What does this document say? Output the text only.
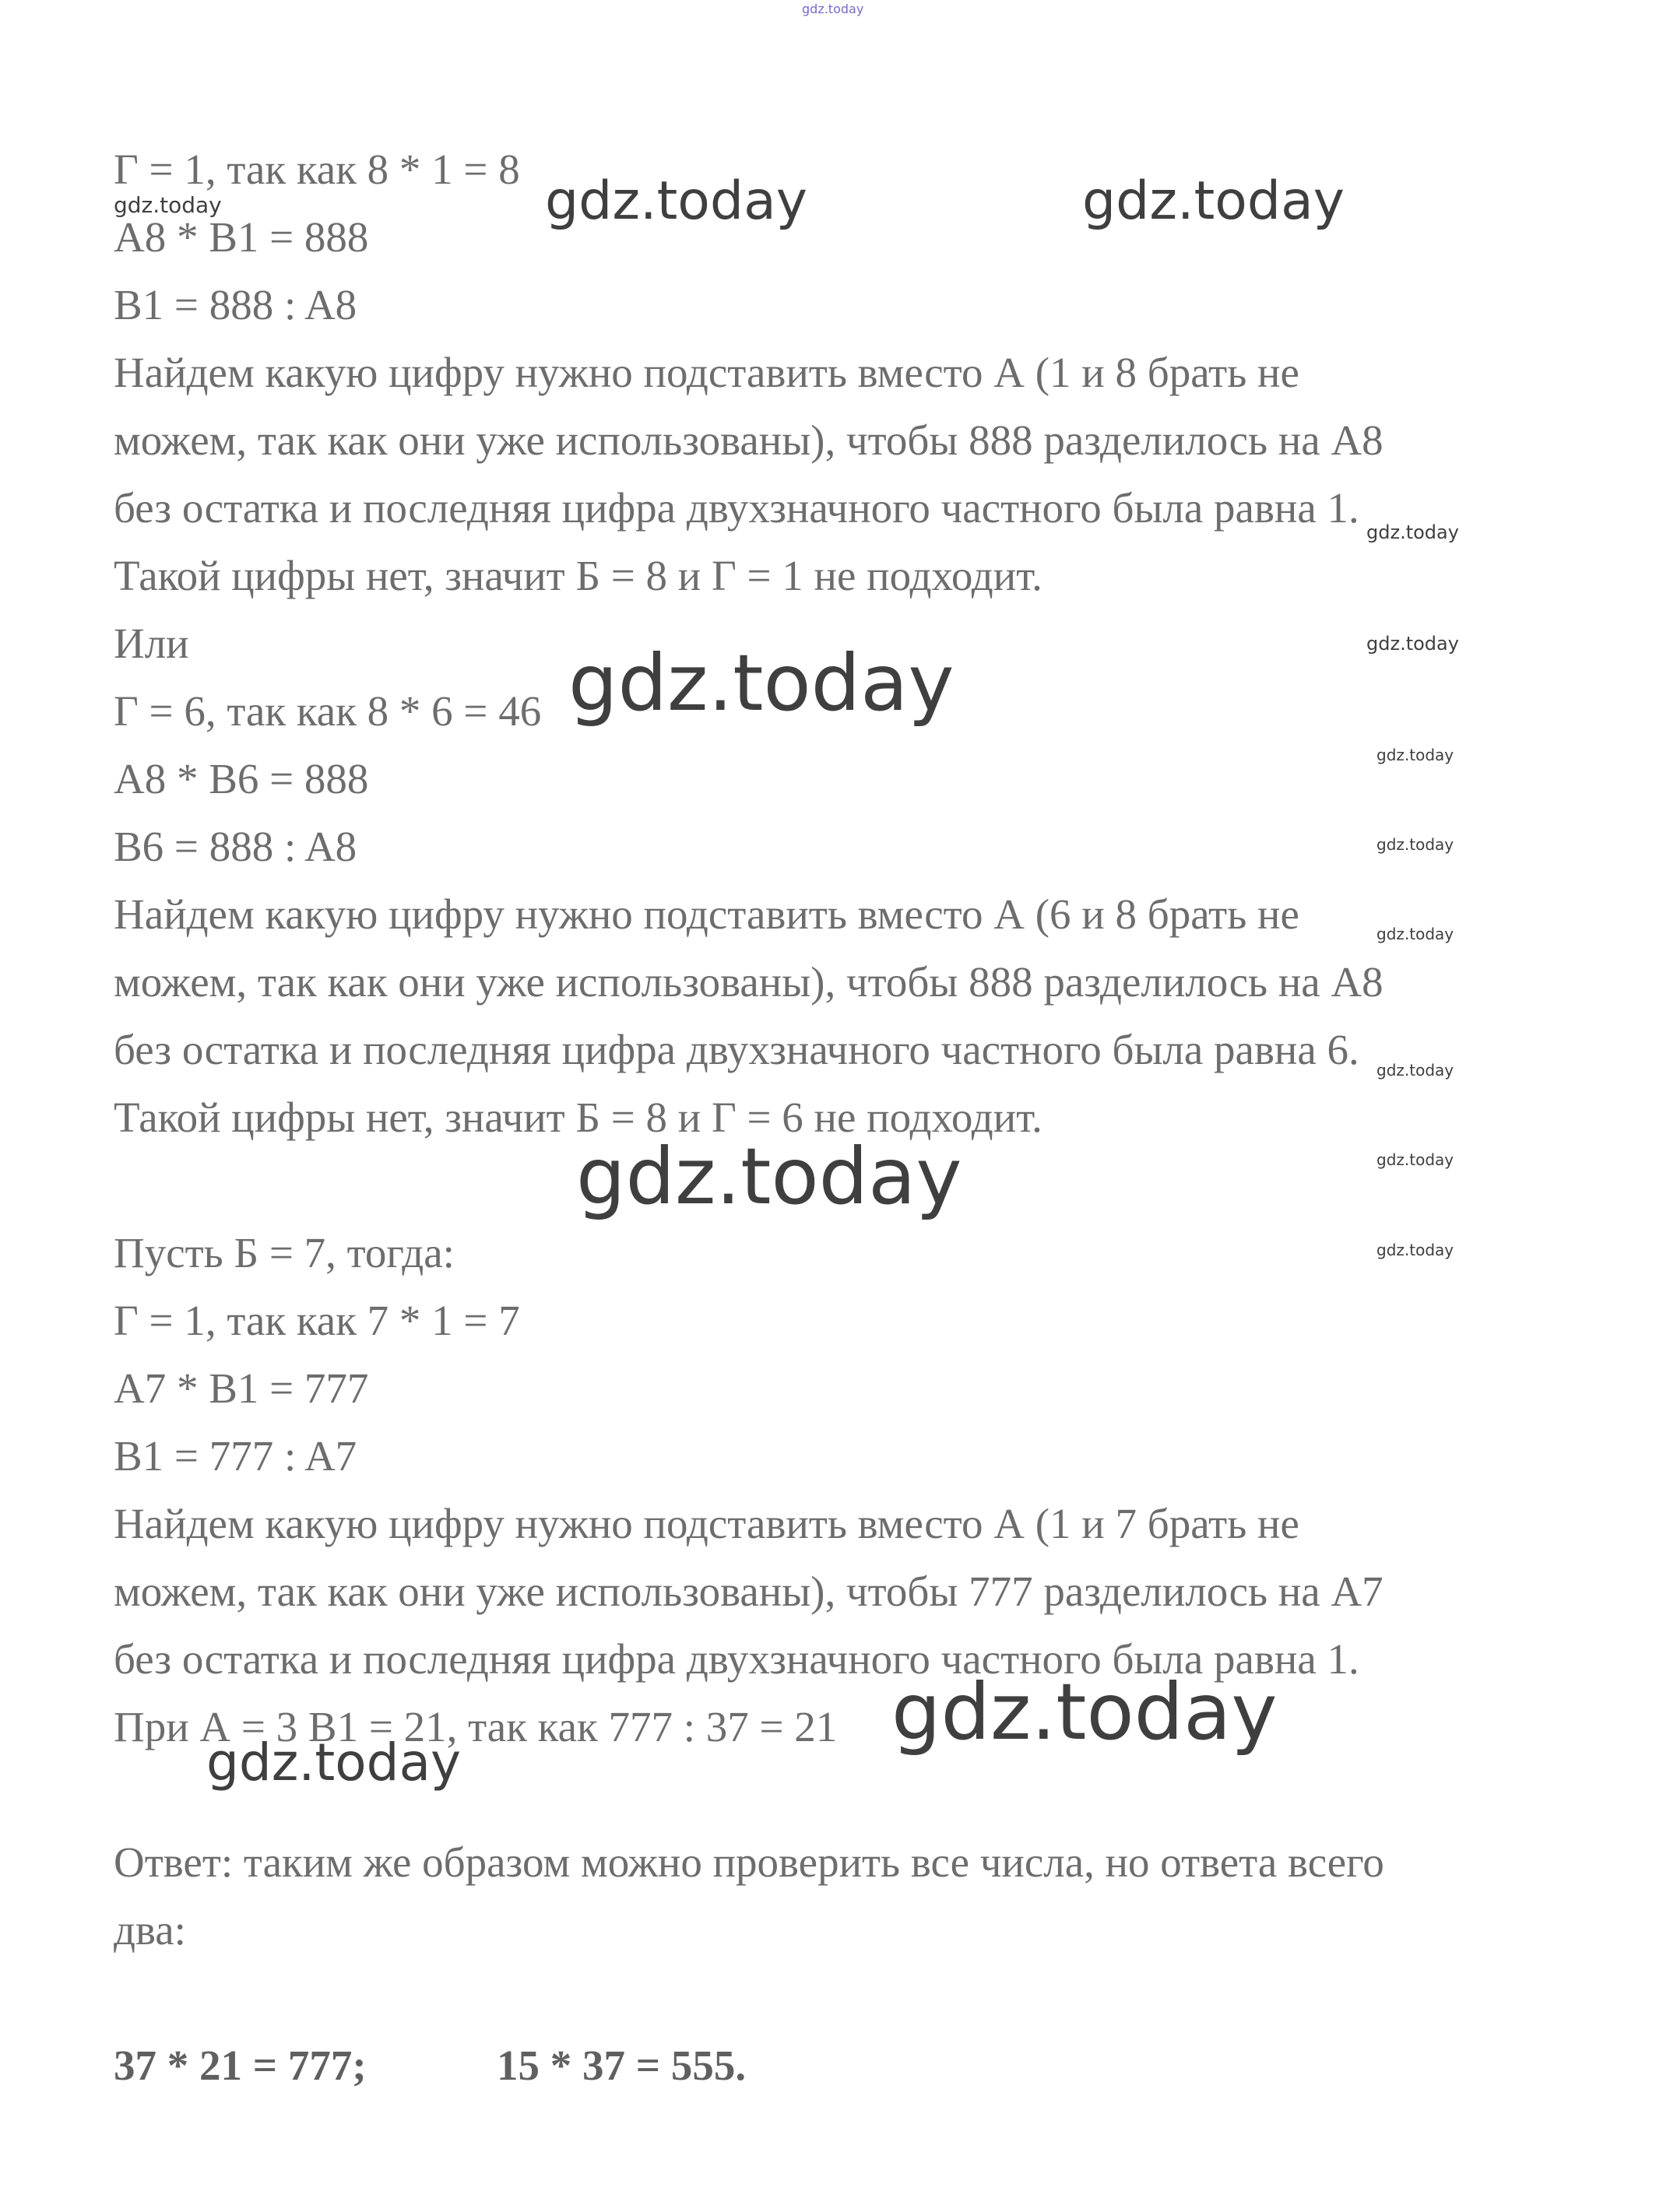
Г = 1, так как 8 * 1 = 8
A8 * B1 = 888
B1 = 888 : A8
Найдем какую цифру нужно подставить вместо А (1 и 8 брать не
можем, так как они уже использованы), чтобы 888 разделилось на А8
без остатка и последняя цифра двухзначного частного была равна 1.
Такой цифры нет, значит Б = 8 и Г = 1 не подходит.
Или
Г = 6, так как 8 * 6 = 46
A8 * B6 = 888
B6 = 888 : A8
Найдем какую цифру нужно подставить вместо А (6 и 8 брать не
можем, так как они уже использованы), чтобы 888 разделилось на А8
без остатка и последняя цифра двухзначного частного была равна 6.
Такой цифры нет, значит Б = 8 и Г = 6 не подходит.
Пусть Б = 7, тогда:
Г = 1, так как 7 * 1 = 7
A7 * B1 = 777
B1 = 777 : A7
Найдем какую цифру нужно подставить вместо А (1 и 7 брать не
можем, так как они уже использованы), чтобы 777 разделилось на А7
без остатка и последняя цифра двухзначного частного была равна 1.
При А = 3 В1 = 21, так как 777 : 37 = 21
Ответ: таким же образом можно проверить все числа, но ответа всего
два:
37 * 21 = 777;	15 * 37 = 555.
gdz.today
gdz.today	gdz.today	gdz.today
gdz.today
gdz.today
gdz.today
gdz.today
gdz.today
gdz.today
gdz.today
gdz.today	gdz.today
gdz.today
gdz.today
gdz.today
